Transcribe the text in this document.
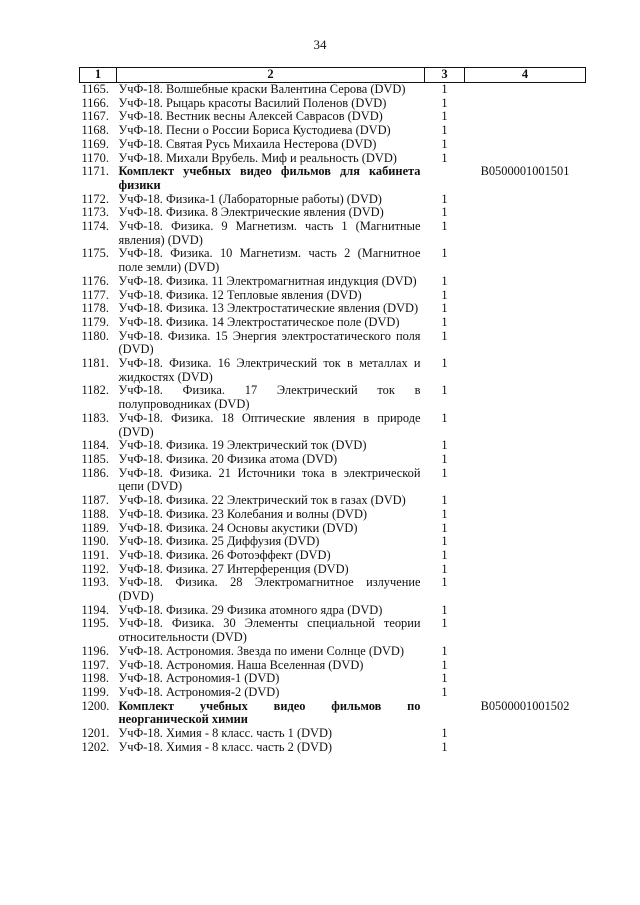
34
1	2	3	4
1165.	УчФ-18. Волшебные краски Валентина Серова (DVD)	1	
1166.	УчФ-18. Рыцарь красоты Василий Поленов (DVD)	1	
1167.	УчФ-18. Вестник весны Алексей Саврасов (DVD)	1	
1168.	УчФ-18. Песни о России Бориса Кустодиева (DVD)	1	
1169.	УчФ-18. Святая Русь Михаила Нестерова (DVD)	1	
1170.	УчФ-18. Михали Врубель. Миф и реальность (DVD)	1	
1171.	Комплект учебных видео фильмов для кабинета физики		B0500001001501
1172.	УчФ-18. Физика-1 (Лабораторные работы) (DVD)	1	
1173.	УчФ-18. Физика. 8 Электрические явления (DVD)	1	
1174.	УчФ-18. Физика. 9 Магнетизм. часть 1 (Магнитные явления) (DVD)	1	
1175.	УчФ-18. Физика. 10 Магнетизм. часть 2 (Магнитное поле земли) (DVD)	1	
1176.	УчФ-18. Физика. 11 Электромагнитная индукция (DVD)	1	
1177.	УчФ-18. Физика. 12 Тепловые явления (DVD)	1	
1178.	УчФ-18. Физика. 13 Электростатические явления (DVD)	1	
1179.	УчФ-18. Физика. 14 Электростатическое поле (DVD)	1	
1180.	УчФ-18. Физика. 15 Энергия электростатического поля (DVD)	1	
1181.	УчФ-18. Физика. 16 Электрический ток в металлах и жидкостях (DVD)	1	
1182.	УчФ-18. Физика. 17 Электрический ток в полупроводниках (DVD)	1	
1183.	УчФ-18. Физика. 18 Оптические явления в природе (DVD)	1	
1184.	УчФ-18. Физика. 19 Электрический ток (DVD)	1	
1185.	УчФ-18. Физика. 20 Физика атома (DVD)	1	
1186.	УчФ-18. Физика. 21 Источники тока в электрической цепи (DVD)	1	
1187.	УчФ-18. Физика. 22 Электрический ток в газах (DVD)	1	
1188.	УчФ-18. Физика. 23 Колебания и волны (DVD)	1	
1189.	УчФ-18. Физика. 24 Основы акустики (DVD)	1	
1190.	УчФ-18. Физика. 25 Диффузия (DVD)	1	
1191.	УчФ-18. Физика. 26 Фотоэффект (DVD)	1	
1192.	УчФ-18. Физика. 27 Интерференция (DVD)	1	
1193.	УчФ-18. Физика. 28 Электромагнитное излучение (DVD)	1	
1194.	УчФ-18. Физика. 29 Физика атомного ядра (DVD)	1	
1195.	УчФ-18. Физика. 30 Элементы специальной теории относительности (DVD)	1	
1196.	УчФ-18. Астрономия. Звезда по имени Солнце (DVD)	1	
1197.	УчФ-18. Астрономия. Наша Вселенная (DVD)	1	
1198.	УчФ-18. Астрономия-1 (DVD)	1	
1199.	УчФ-18. Астрономия-2 (DVD)	1	
1200.	Комплект учебных видео фильмов по неорганической химии		B0500001001502
1201.	УчФ-18. Химия - 8 класс. часть 1 (DVD)	1	
1202.	УчФ-18. Химия - 8 класс. часть 2 (DVD)	1	
